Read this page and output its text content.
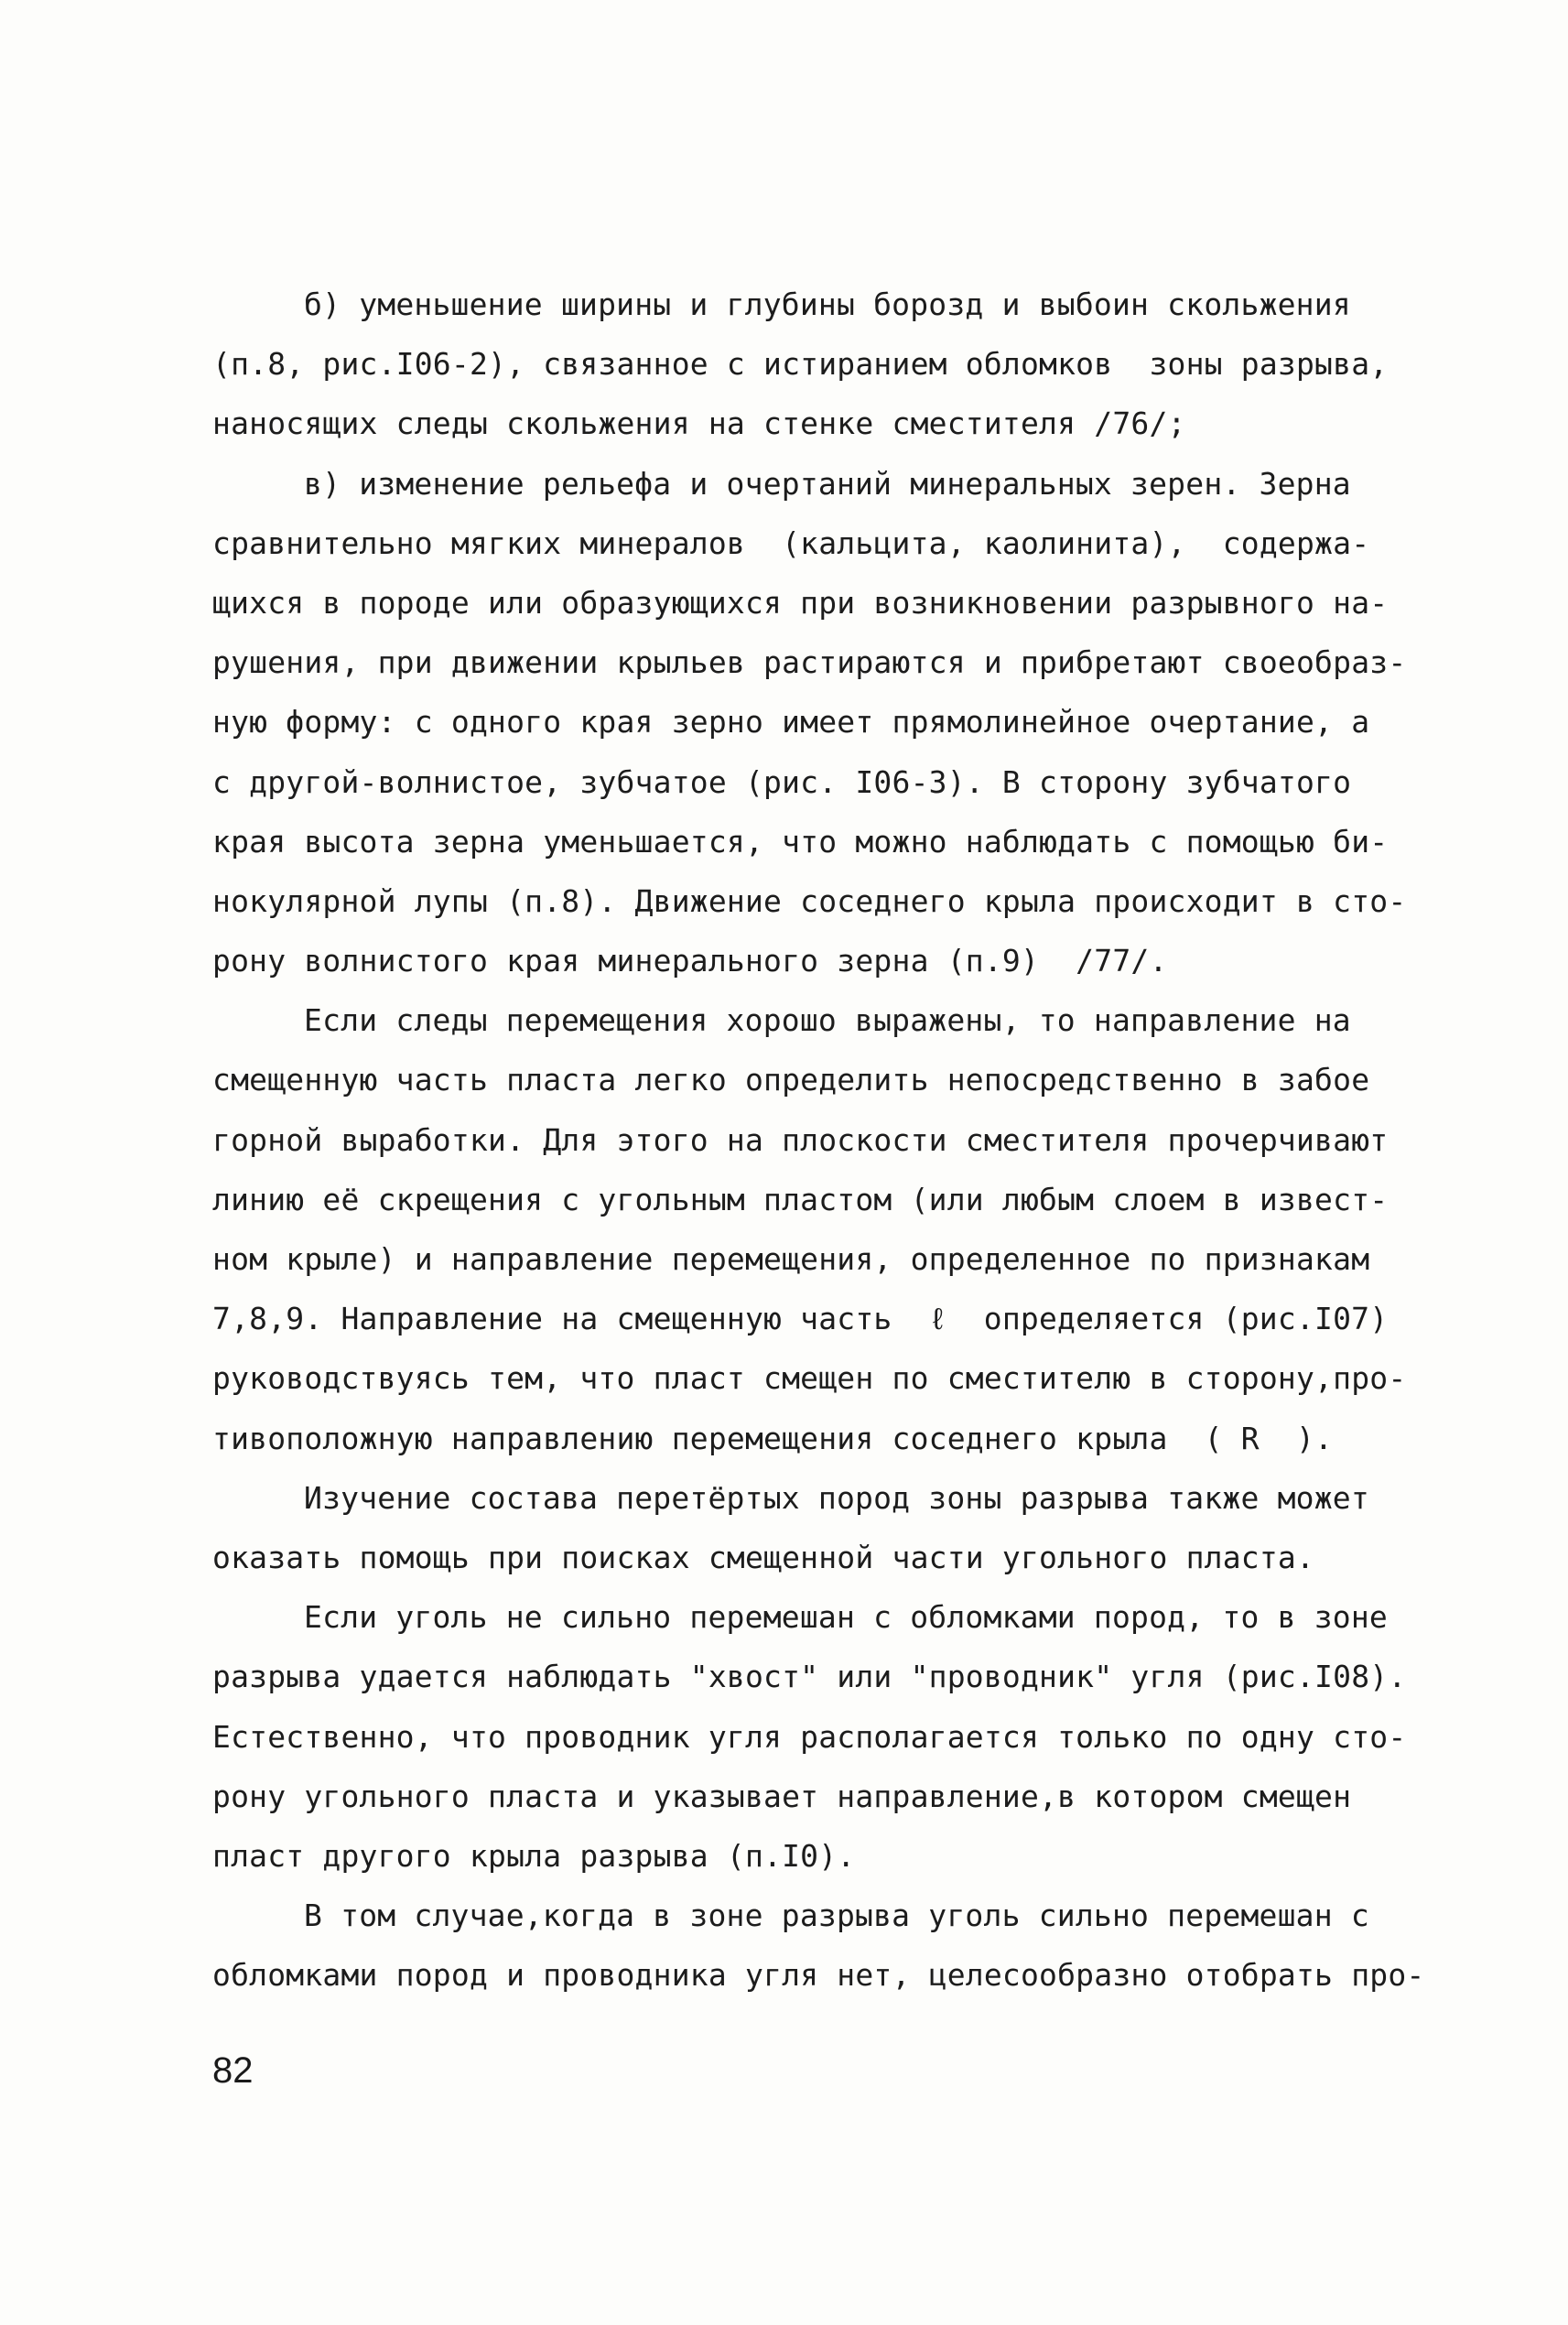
б) уменьшение ширины и глубины борозд и выбоин скольжения
(п.8, рис.I06-2), связанное с истиранием обломков  зоны разрыва,
наносящих следы скольжения на стенке сместителя /76/;
в) изменение рельефа и очертаний минеральных зерен. Зерна
сравнительно мягких минералов  (кальцита, каолинита),  содержа-
щихся в породе или образующихся при возникновении разрывного на-
рушения, при движении крыльев растираются и прибретают своеобраз-
ную форму: с одного края зерно имеет прямолинейное очертание, а
с другой-волнистое, зубчатое (рис. I06-3). В сторону зубчатого
края высота зерна уменьшается, что можно наблюдать с помощью би-
нокулярной лупы (п.8). Движение соседнего крыла происходит в сто-
рону волнистого края минерального зерна (п.9)  /77/.
Если следы перемещения хорошо выражены, то направление на
смещенную часть пласта легко определить непосредственно в забое
горной выработки. Для этого на плоскости сместителя прочерчивают
линию её скрещения с угольным пластом (или любым слоем в извест-
ном крыле) и направление перемещения, определенное по признакам
7,8,9. Направление на смещенную часть  ℓ  определяется (рис.I07)
руководствуясь тем, что пласт смещен по сместителю в сторону,про-
тивоположную направлению перемещения соседнего крыла  ( R  ).
Изучение состава перетёртых пород зоны разрыва также может
оказать помощь при поисках смещенной части угольного пласта.
Если уголь не сильно перемешан с обломками пород, то в зоне
разрыва удается наблюдать "хвост" или "проводник" угля (рис.I08).
Естественно, что проводник угля располагается только по одну сто-
рону угольного пласта и указывает направление,в котором смещен
пласт другого крыла разрыва (п.I0).
В том случае,когда в зоне разрыва уголь сильно перемешан с
обломками пород и проводника угля нет, целесообразно отобрать про-
82
